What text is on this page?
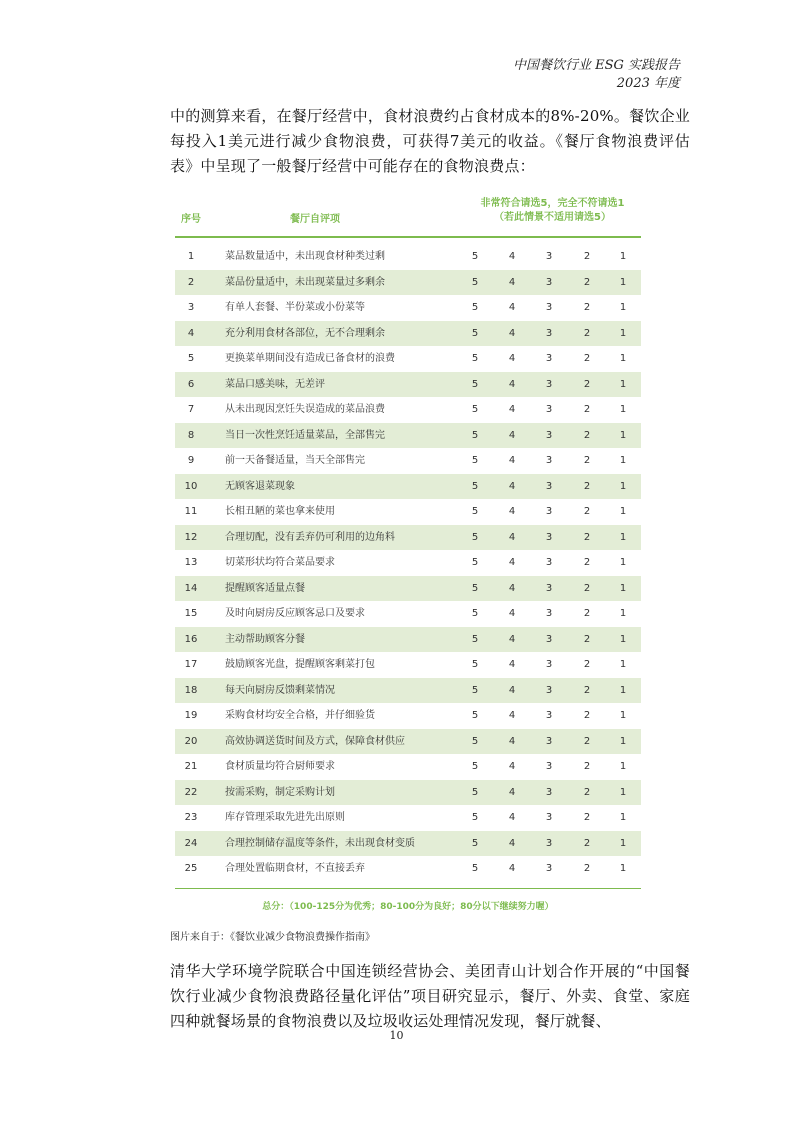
中国餐饮行业 ESG 实践报告
2023 年度
中的测算来看，在餐厅经营中，食材浪费约占食材成本的8%-20%。餐饮企业每投入1美元进行减少食物浪费，可获得7美元的收益。《餐厅食物浪费评估表》中呈现了一般餐厅经营中可能存在的食物浪费点：
序号	餐厅自评项
非常符合请选5，完全不符请选1
（若此情景不适用请选5）
1	菜品数量适中，未出现食材种类过剩	5	4	3	2	1
2	菜品份量适中，未出现菜量过多剩余	5	4	3	2	1
3	有单人套餐、半份菜或小份菜等	5	4	3	2	1
4	充分利用食材各部位，无不合理剩余	5	4	3	2	1
5	更换菜单期间没有造成已备食材的浪费	5	4	3	2	1
6	菜品口感美味，无差评	5	4	3	2	1
7	从未出现因烹饪失误造成的菜品浪费	5	4	3	2	1
8	当日一次性烹饪适量菜品，全部售完	5	4	3	2	1
9	前一天备餐适量，当天全部售完	5	4	3	2	1
10	无顾客退菜现象	5	4	3	2	1
11	长相丑陋的菜也拿来使用	5	4	3	2	1
12	合理切配，没有丢弃仍可利用的边角料	5	4	3	2	1
13	切菜形状均符合菜品要求	5	4	3	2	1
14	提醒顾客适量点餐	5	4	3	2	1
15	及时向厨房反应顾客忌口及要求	5	4	3	2	1
16	主动帮助顾客分餐	5	4	3	2	1
17	鼓励顾客光盘，提醒顾客剩菜打包	5	4	3	2	1
18	每天向厨房反馈剩菜情况	5	4	3	2	1
19	采购食材均安全合格，并仔细验货	5	4	3	2	1
20	高效协调送货时间及方式，保障食材供应	5	4	3	2	1
21	食材质量均符合厨师要求	5	4	3	2	1
22	按需采购，制定采购计划	5	4	3	2	1
23	库存管理采取先进先出原则	5	4	3	2	1
24	合理控制储存温度等条件，未出现食材变质	5	4	3	2	1
25	合理处置临期食材，不直接丢弃	5	4	3	2	1
总分：（100-125分为优秀；80-100分为良好；80分以下继续努力喔）
图片来自于：《餐饮业减少食物浪费操作指南》
清华大学环境学院联合中国连锁经营协会、美团青山计划合作开展的“中国餐饮行业减少食物浪费路径量化评估”项目研究显示，餐厅、外卖、食堂、家庭四种就餐场景的食物浪费以及垃圾收运处理情况发现，餐厅就餐、
10
